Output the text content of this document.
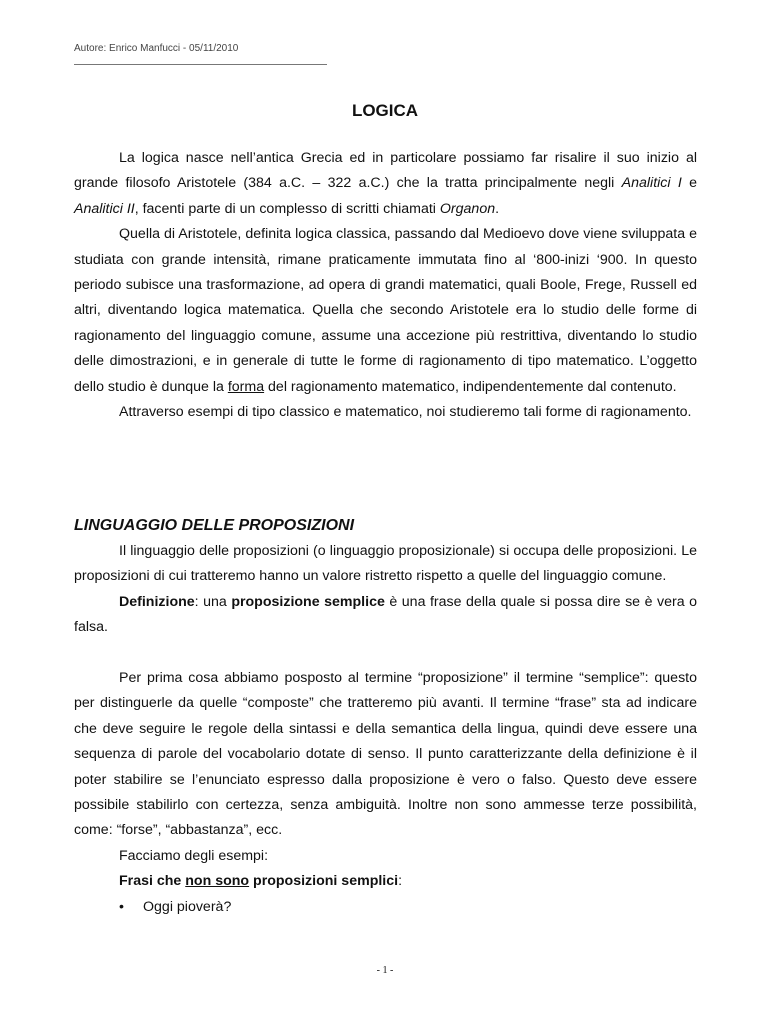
Autore: Enrico Manfucci - 05/11/2010
LOGICA

La logica nasce nell’antica Grecia ed in particolare possiamo far risalire il suo inizio al grande filosofo Aristotele (384 a.C. – 322 a.C.) che la tratta principalmente negli Analitici I e Analitici II, facenti parte di un complesso di scritti chiamati Organon.

Quella di Aristotele, definita logica classica, passando dal Medioevo dove viene sviluppata e studiata con grande intensità, rimane praticamente immutata fino al ‘800-inizi ‘900. In questo periodo subisce una trasformazione, ad opera di grandi matematici, quali Boole, Frege, Russell ed altri, diventando logica matematica. Quella che secondo Aristotele era lo studio delle forme di ragionamento del linguaggio comune, assume una accezione più restrittiva, diventando lo studio delle dimostrazioni, e in generale di tutte le forme di ragionamento di tipo matematico. L’oggetto dello studio è dunque la forma del ragionamento matematico, indipendentemente dal contenuto.

Attraverso esempi di tipo classico e matematico, noi studieremo tali forme di ragionamento.

LINGUAGGIO DELLE PROPOSIZIONI

Il linguaggio delle proposizioni (o linguaggio proposizionale) si occupa delle proposizioni. Le proposizioni di cui tratteremo hanno un valore ristretto rispetto a quelle del linguaggio comune.

Definizione: una proposizione semplice è una frase della quale si possa dire se è vera o falsa.

Per prima cosa abbiamo posposto al termine “proposizione” il termine “semplice”: questo per distinguerle da quelle “composte” che tratteremo più avanti. Il termine “frase” sta ad indicare che deve seguire le regole della sintassi e della semantica della lingua, quindi deve essere una sequenza di parole del vocabolario dotate di senso. Il punto caratterizzante della definizione è il poter stabilire se l’enunciato espresso dalla proposizione è vero o falso. Questo deve essere possibile stabilirlo con certezza, senza ambiguità. Inoltre non sono ammesse terze possibilità, come: “forse”, “abbastanza”, ecc.

Facciamo degli esempi:

Frasi che non sono proposizioni semplici:

•	Oggi pioverà?
- 1 -
